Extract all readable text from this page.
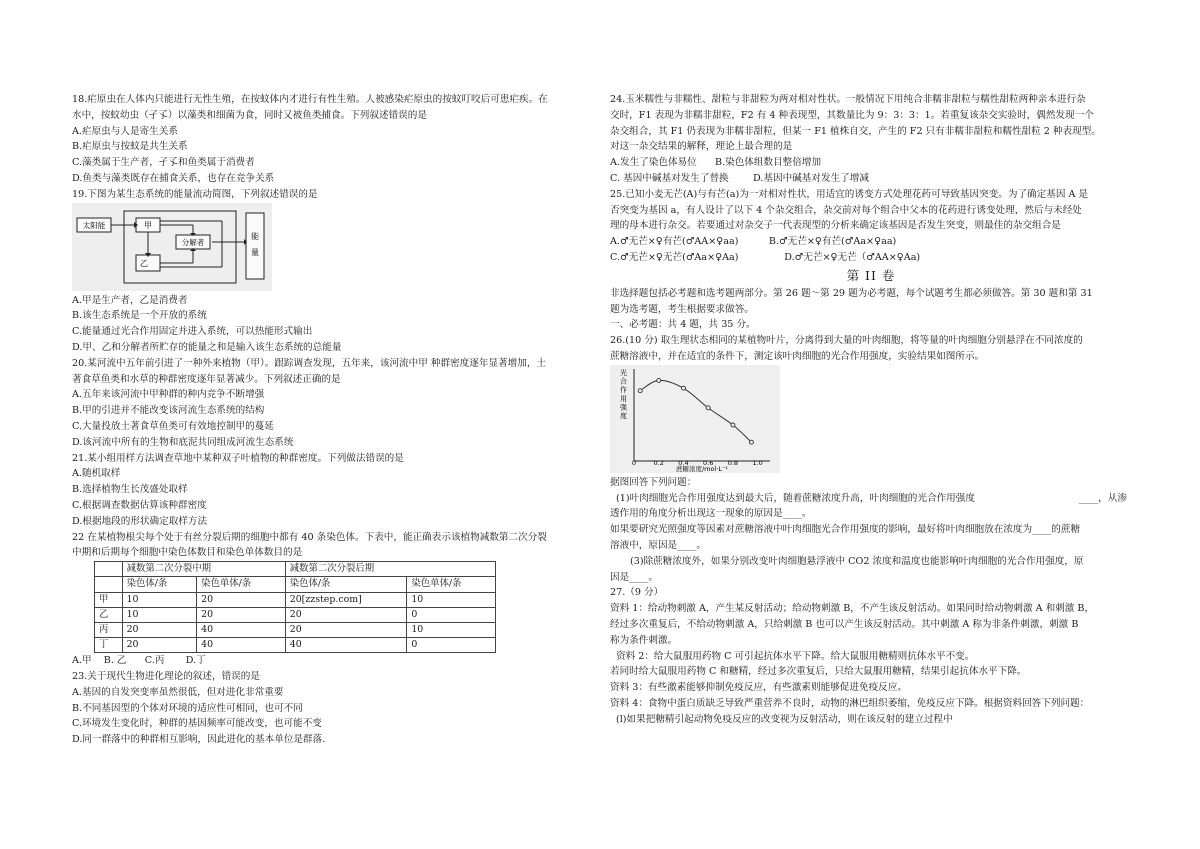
18.疟原虫在人体内只能进行无性生殖，在按蚊体内才进行有性生殖。人被感染疟原虫的按蚊叮咬后可患疟疾。在
水中，按蚊幼虫（孑孓）以藻类和细菌为食，同时又被鱼类捕食。下列叙述错误的是
A.疟原虫与人是寄生关系
B.疟原虫与按蚊是共生关系
C.藻类属于生产者，孑孓和鱼类属于消费者
D.鱼类与藻类既存在捕食关系，也存在竞争关系
19.下图为某生态系统的能量流动简图，下列叙述错误的是
太阳能	甲
乙
分解者
能
量
A.甲是生产者，乙是消费者
B.该生态系统是一个开放的系统
C.能量通过光合作用固定并进入系统，可以热能形式输出
D.甲、乙和分解者所贮存的能量之和是输入该生态系统的总能量
20.某河流中五年前引进了一种外来植物（甲）。跟踪调查发现，五年来，该河流中甲 种群密度逐年显著增加，土
著食草鱼类和水草的种群密度逐年显著减少。下列叙述正确的是
A.五年来该河流中甲种群的种内竞争不断增强
B.甲的引进并不能改变该河流生态系统的结构
C.大量投放土著食草鱼类可有效地控制甲的蔓延
D.该河流中所有的生物和底泥共同组成河流生态系统
21.某小组用样方法调查草地中某种双子叶植物的种群密度。下列做法错误的是
A.随机取样
B.选择植物生长茂盛处取样
C.根据调查数据估算该种群密度
D.根据地段的形状确定取样方法
22 在某植物根尖每个处于有丝分裂后期的细胞中都有 40 条染色体。下表中，能正确表示该植物减数第二次分裂
中期和后期每个细胞中染色体数目和染色单体数目的是
	减数第二次分裂中期		减数第二次分裂后期	
	染色体/条	染色单体/条	染色体/条	染色单体/条
甲	10	20	20[zzstep.com]	10
乙	10	20	20	0
丙	20	40	20	10
丁	20	40	40	0
A.甲    B. 乙      C.丙       D.丁
23.关于现代生物进化理论的叙述，错误的是
A.基因的自发突变率虽然很低，但对进化非常重要
B.不同基因型的个体对环境的适应性可相同，也可不同
C.环境发生变化时，种群的基因频率可能改变，也可能不变
D.同一群落中的种群相互影响，因此进化的基本单位是群落.
24.玉米糯性与非糯性、甜粒与非甜粒为两对相对性状。一般情况下用纯合非糯非甜粒与糯性甜粒两种亲本进行杂
交时，F1 表现为非糯非甜粒，F2 有 4 种表现型，其数量比为 9：3：3：1。若重复该杂交实验时，偶然发现一个
杂交组合，其 F1 仍表现为非糯非甜粒，但某一 F1 植株自交，产生的 F2 只有非糯非甜粒和糯性甜粒 2 种表现型。
对这一杂交结果的解释，理论上最合理的是
A.发生了染色体易位      B.染色体组数目整倍增加
C. 基因中碱基对发生了替换        D.基因中碱基对发生了增减
25.已知小麦无芒(A)与有芒(a)为一对相对性状，用适宜的诱变方式处理花药可导致基因突变。为了确定基因 A 是
否突变为基因 a，有人设计了以下 4 个杂交组合，杂交前对每个组合中父本的花药进行诱变处理，然后与未经处
理的母本进行杂交。若要通过对杂交子一代表现型的分析来确定该基因是否发生突变，则最佳的杂交组合是
A.♂无芒×♀有芒(♂AA×♀aa)          B.♂无芒×♀有芒(♂Aa×♀aa)
C.♂无芒×♀无芒(♂Aa×♀Aa)               D.♂无芒×♀无芒（♂AA×♀Aa)
第 II 卷
非选择题包括必考题和选考题两部分。第 26 题～第 29 题为必考题，每个试题考生都必须做答。第 30 题和第 31
题为选考题，考生根据要求做答。
一、必考题：共 4 题，共 35 分。
26.(10 分) 取生理状态相同的某植物叶片，分离得到大量的叶肉细胞，将等量的叶肉细胞分别悬浮在不同浓度的
蔗糖溶液中，并在适宜的条件下，测定该叶肉细胞的光合作用强度，实验结果如图所示。
光合作用强度
蔗糖浓度/mol·L⁻¹
0	0.2 0.4 0.6 0.8 1.0
据图回答下列问题：
(1)叶肉细胞光合作用强度达到最大后，随着蔗糖浓度升高，叶肉细胞的光合作用强度	____，从渗
透作用的角度分析出现这一现象的原因是____。
如果要研究光照强度等因素对蔗糖溶液中叶肉细胞光合作用强度的影响，最好将叶肉细胞放在浓度为____的蔗糖
溶液中，原因是____。
(3)除蔗糖浓度外，如果分别改变叶肉细胞悬浮液中 CO2 浓度和温度也能影响叶肉细胞的光合作用强度，原
因是____。
27.（9 分）
资料 1：给动物刺激 A，产生某反射活动；给动物刺激 B，不产生该反射活动。如果同时给动物刺激 A 和刺激 B，
经过多次重复后，不给动物刺激 A，只给刺激 B 也可以产生该反射活动。其中刺激 A 称为非条件刺激，刺激 B
称为条件刺激。
资料 2：给大鼠服用药物 C 可引起抗体水平下降。给大鼠服用糖精则抗体水平不变。
若同时给大鼠服用药物 C 和糖精，经过多次重复后，只给大鼠服用糖精，结果引起抗体水平下降。
资料 3：有些激素能够抑制免疫反应，有些激素则能够促进免疫反应。
资料 4：食物中蛋白质缺乏导致严重营养不良时，动物的淋巴组织萎缩，免疫反应下降。根据资料回答下列问题：
(l)如果把糖精引起动物免疫反应的改变视为反射活动，则在该反射的建立过程中
